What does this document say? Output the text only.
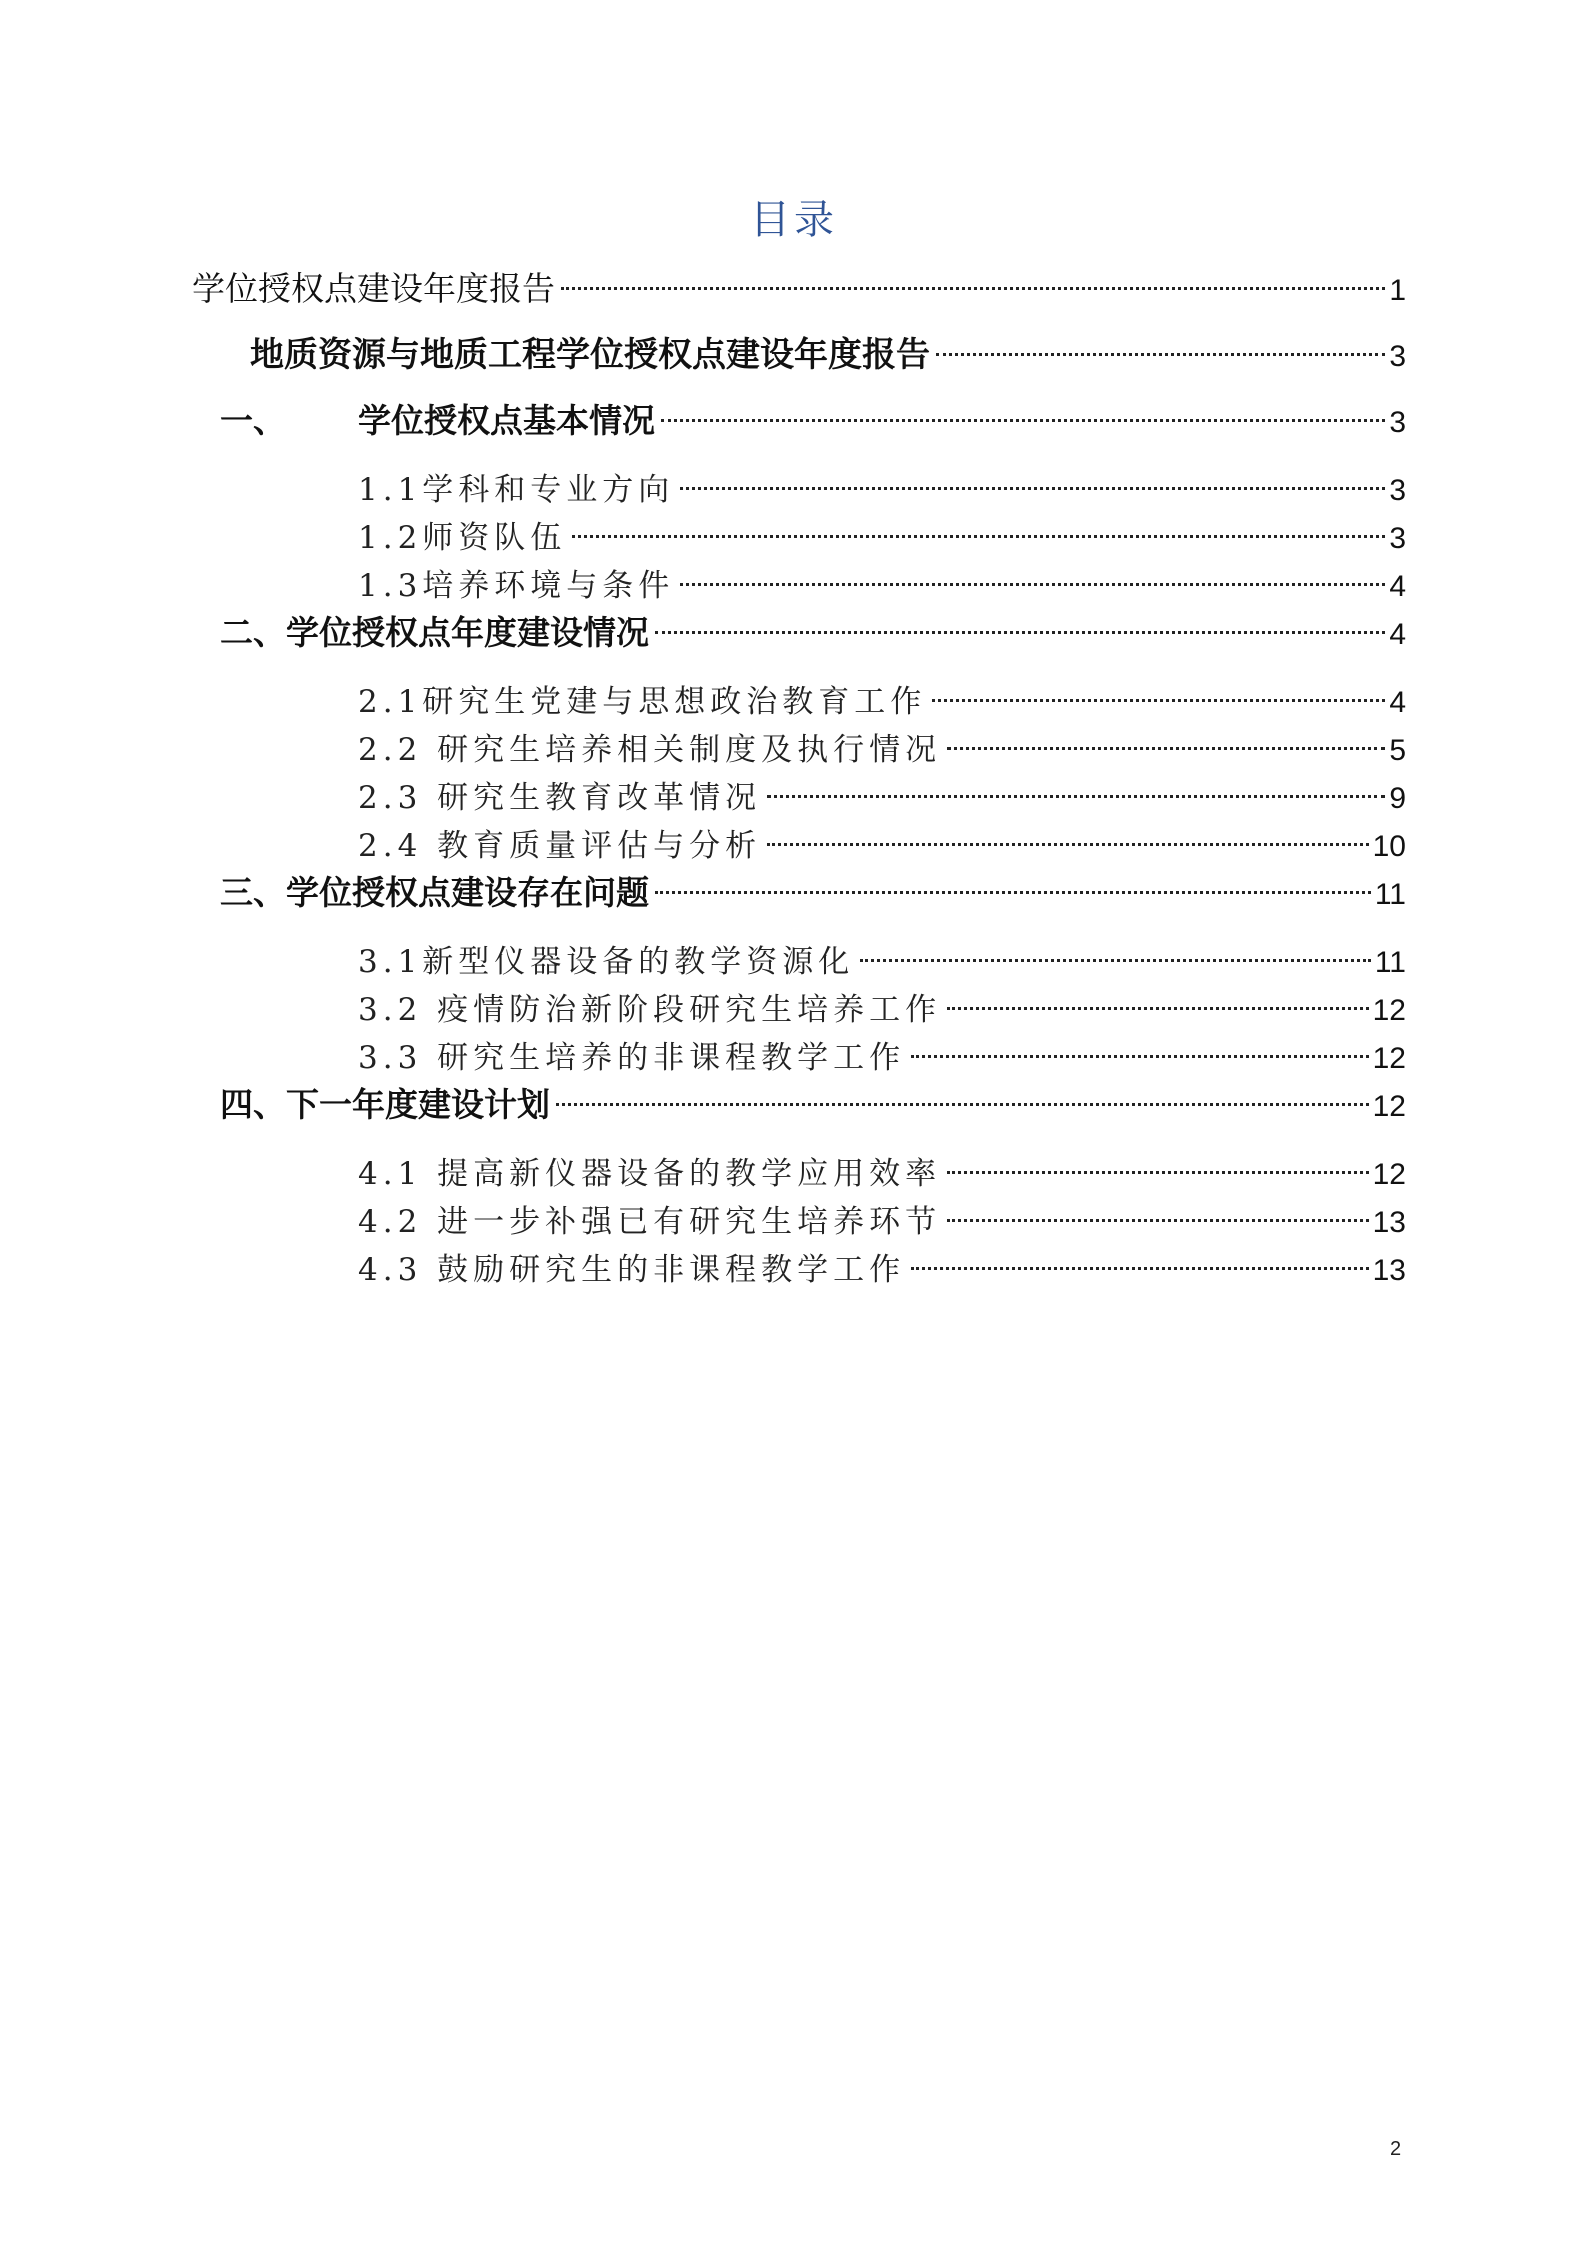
目录
学位授权点建设年度报告	1
地质资源与地质工程学位授权点建设年度报告	3
一、 学位授权点基本情况	3
1.1学科和专业方向	3
1.2师资队伍	3
1.3培养环境与条件	4
二、学位授权点年度建设情况	4
2.1研究生党建与思想政治教育工作	4
2.2 研究生培养相关制度及执行情况	5
2.3 研究生教育改革情况	9
2.4 教育质量评估与分析	10
三、学位授权点建设存在问题	11
3.1新型仪器设备的教学资源化	11
3.2 疫情防治新阶段研究生培养工作	12
3.3 研究生培养的非课程教学工作	12
四、下一年度建设计划	12
4.1 提高新仪器设备的教学应用效率	12
4.2 进一步补强已有研究生培养环节	13
4.3 鼓励研究生的非课程教学工作	13
2
